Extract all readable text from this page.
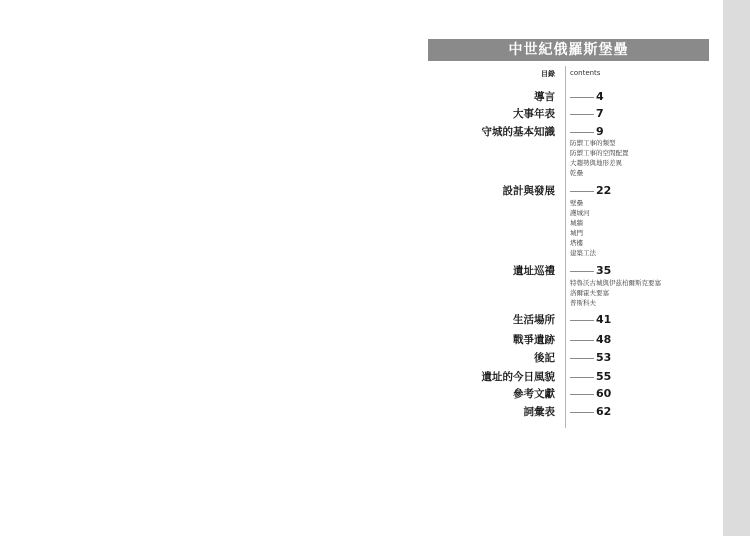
中世紀俄羅斯堡壘
目錄 contents
導言	4
大事年表	7
守城的基本知識	9
防禦工事的類型
防禦工事的空間配置
大趨勢與地形差異
乾壘
設計與發展	22
壁壘
護城河
城牆
城門
塔樓
建築工法
遺址巡禮	35
特魯沃古城與伊茲柏爾斯克要塞
洛爾霍夫要塞
普斯科夫
生活場所	41
戰爭遺跡	48
後記	53
遺址的今日風貌	55
參考文獻	60
詞彙表	62
